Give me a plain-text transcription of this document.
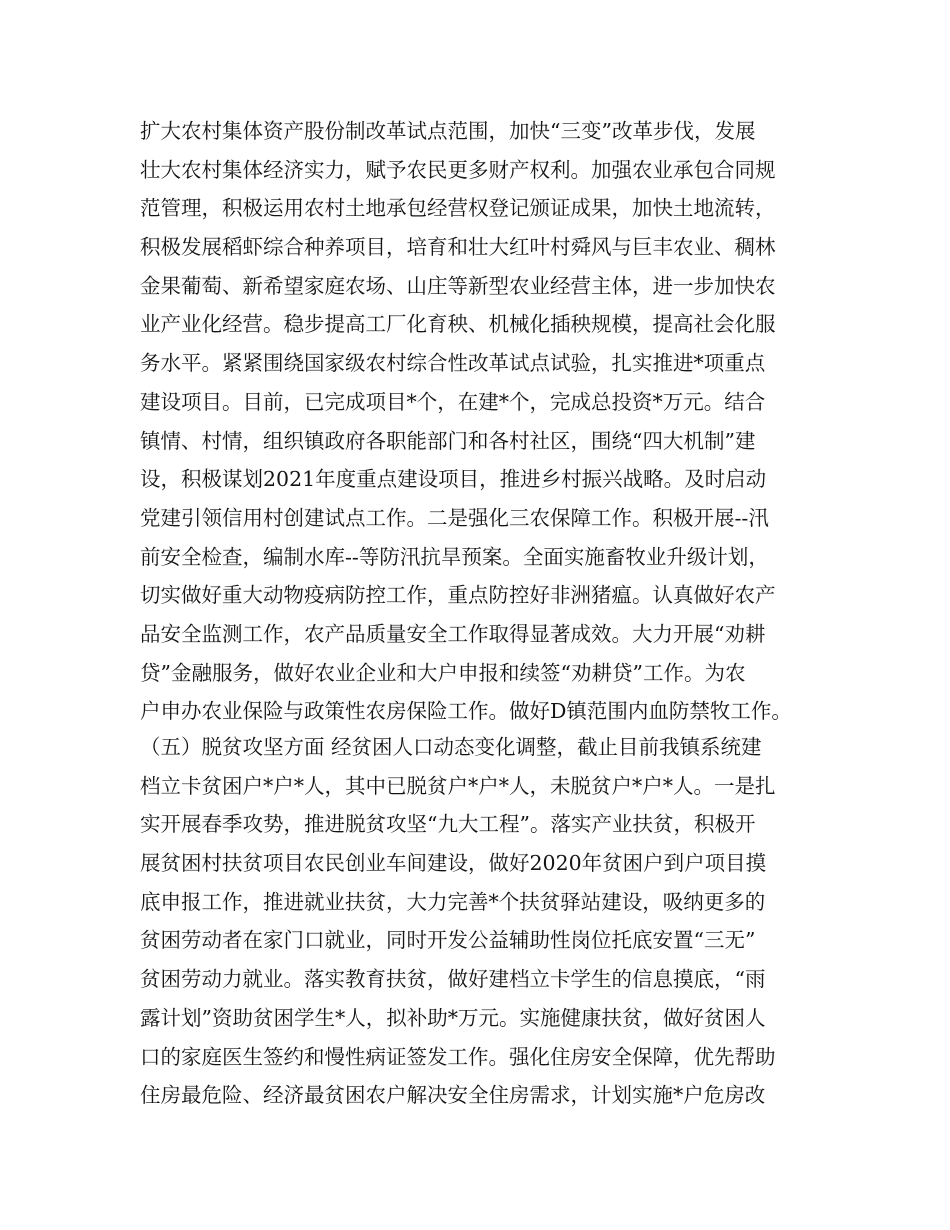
扩大农村集体资产股份制改革试点范围，加快“三变”改革步伐，发展
壮大农村集体经济实力，赋予农民更多财产权利。加强农业承包合同规
范管理，积极运用农村土地承包经营权登记颁证成果，加快土地流转，
积极发展稻虾综合种养项目，培育和壮大红叶村舜风与巨丰农业、稠林
金果葡萄、新希望家庭农场、山庄等新型农业经营主体，进一步加快农
业产业化经营。稳步提高工厂化育秧、机械化插秧规模，提高社会化服
务水平。紧紧围绕国家级农村综合性改革试点试验，扎实推进*项重点
建设项目。目前，已完成项目*个，在建*个，完成总投资*万元。结合
镇情、村情，组织镇政府各职能部门和各村社区，围绕“四大机制”建
设，积极谋划2021年度重点建设项目，推进乡村振兴战略。及时启动
党建引领信用村创建试点工作。二是强化三农保障工作。积极开展--汛
前安全检查，编制水库--等防汛抗旱预案。全面实施畜牧业升级计划，
切实做好重大动物疫病防控工作，重点防控好非洲猪瘟。认真做好农产
品安全监测工作，农产品质量安全工作取得显著成效。大力开展“劝耕
贷”金融服务，做好农业企业和大户申报和续签“劝耕贷”工作。为农
户申办农业保险与政策性农房保险工作。做好D镇范围内血防禁牧工作。
（五）脱贫攻坚方面 经贫困人口动态变化调整，截止目前我镇系统建
档立卡贫困户*户*人，其中已脱贫户*户*人，未脱贫户*户*人。一是扎
实开展春季攻势，推进脱贫攻坚“九大工程”。落实产业扶贫，积极开
展贫困村扶贫项目农民创业车间建设，做好2020年贫困户到户项目摸
底申报工作，推进就业扶贫，大力完善*个扶贫驿站建设，吸纳更多的
贫困劳动者在家门口就业，同时开发公益辅助性岗位托底安置“三无”
贫困劳动力就业。落实教育扶贫，做好建档立卡学生的信息摸底，“雨
露计划”资助贫困学生*人，拟补助*万元。实施健康扶贫，做好贫困人
口的家庭医生签约和慢性病证签发工作。强化住房安全保障，优先帮助
住房最危险、经济最贫困农户解决安全住房需求，计划实施*户危房改
